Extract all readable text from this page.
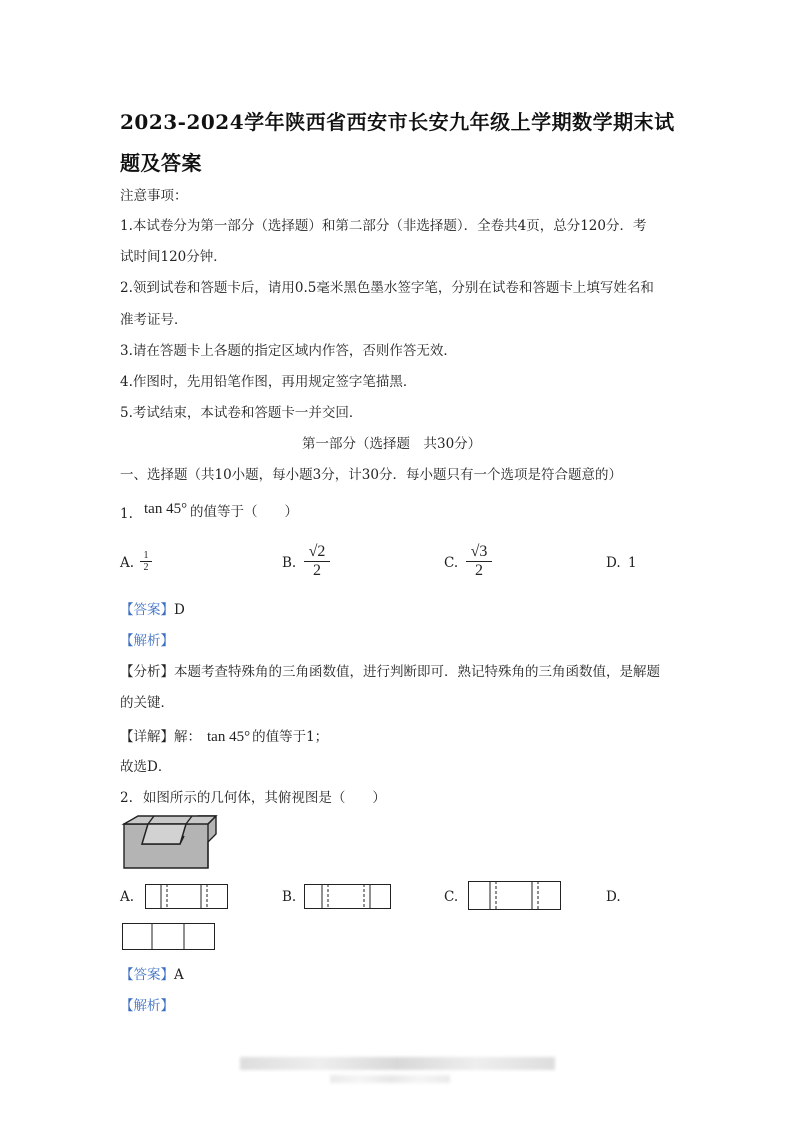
2023-2024学年陕西省西安市长安九年级上学期数学期末试
题及答案
注意事项：
1.本试卷分为第一部分（选择题）和第二部分（非选择题）．全卷共4页，总分120分．考
试时间120分钟．
2.领到试卷和答题卡后，请用0.5毫米黑色墨水签字笔，分别在试卷和答题卡上填写姓名和
准考证号．
3.请在答题卡上各题的指定区域内作答，否则作答无效．
4.作图时，先用铅笔作图，再用规定签字笔描黑．
5.考试结束，本试卷和答题卡一并交回．
第一部分（选择题　共30分）
一、选择题（共10小题，每小题3分，计30分．每小题只有一个选项是符合题意的）
1. tan 45° 的值等于（　　）
A. $\frac{1}{2}$	B. $\frac{√2}{2}$	C. $\frac{√3}{2}$	D. 1
【答案】D
【解析】
【分析】本题考查特殊角的三角函数值，进行判断即可．熟记特殊角的三角函数值，是解题
的关键．
【详解】解： tan 45° 的值等于1；
故选D．
2. 如图所示的几何体，其俯视图是（　　）
A.	B.	C.	D.
【答案】A
【解析】
